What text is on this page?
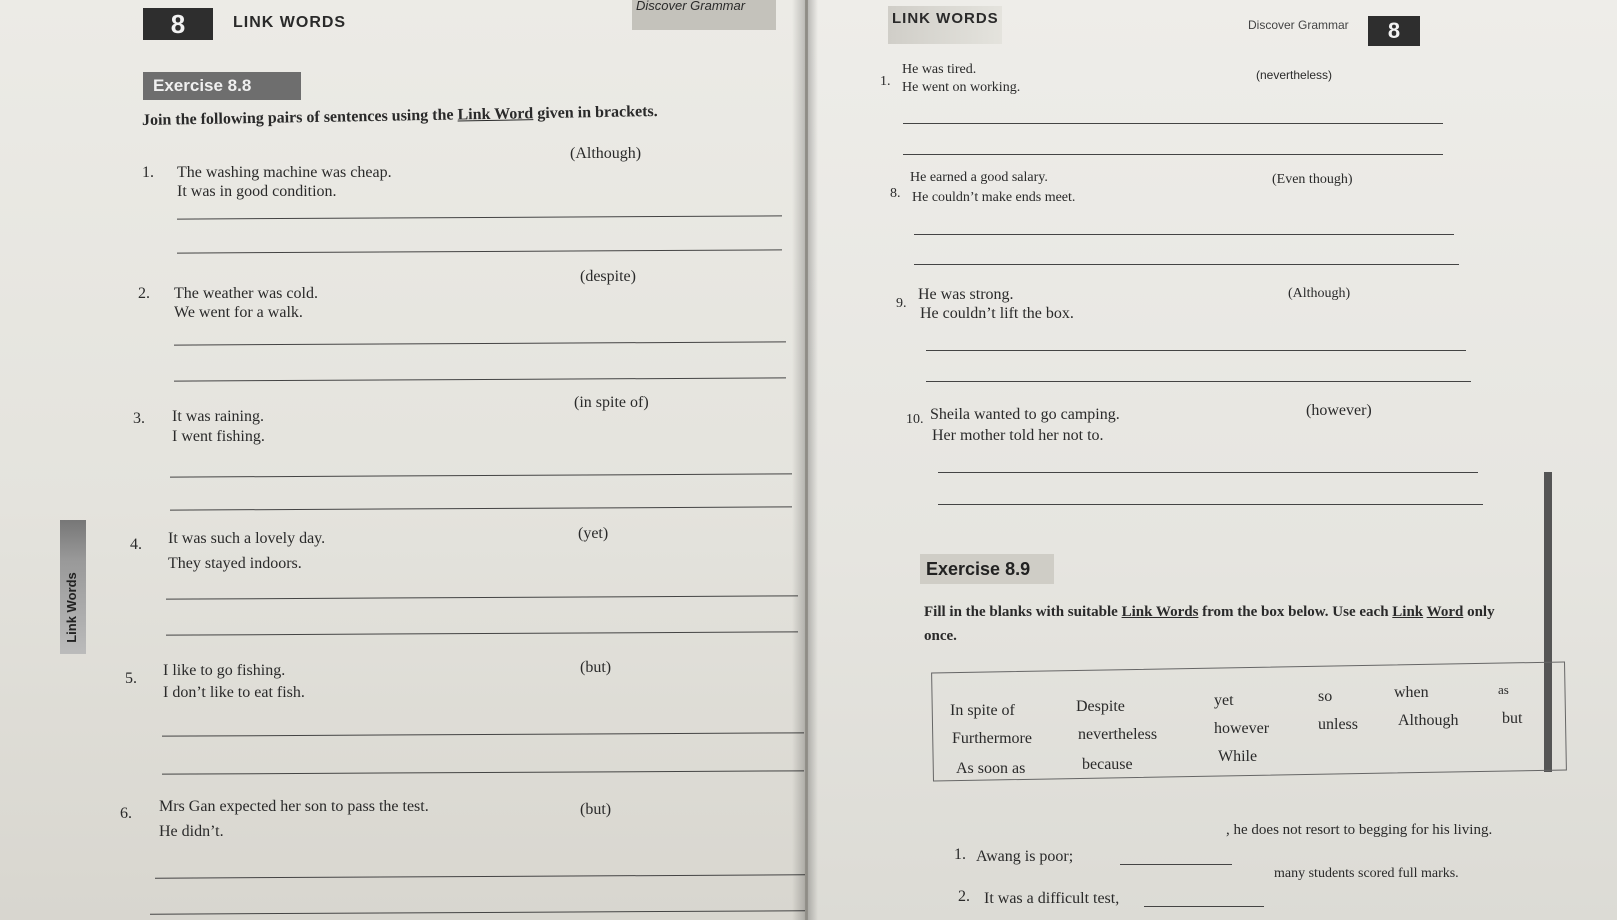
8	LINK WORDS
Discover Grammar
Exercise 8.8
Join the following pairs of sentences using the Link Word given in brackets.
Link Words
1. The washing machine was cheap.
(Although)
It was in good condition.
2. The weather was cold.
(despite)
We went for a walk.
3. It was raining.
(in spite of)
I went fishing.
4. It was such a lovely day.	(yet)
They stayed indoors.
5. I like to go fishing.	(but)
I don’t like to eat fish.
6. Mrs Gan expected her son to pass the test.	(but)
He didn’t.
LINK WORDS	Discover Grammar	8
1.
He was tired.
He went on working.
(nevertheless)
8.
He earned a good salary.
He couldn’t make ends meet.
(Even though)
9.
He was strong.
He couldn’t lift the box.
(Although)
10. Sheila wanted to go camping.
Her mother told her not to.
(however)
Exercise 8.9
Fill in the blanks with suitable Link Words from the box below. Use each Link Word only once.
In spite of	Despite	yet	so	when	as
Furthermore	nevertheless	however	unless	Although	but
As soon as	because	While
1. Awang is poor;
, he does not resort to begging for his living.
2. It was a difficult test,
many students scored full marks.
